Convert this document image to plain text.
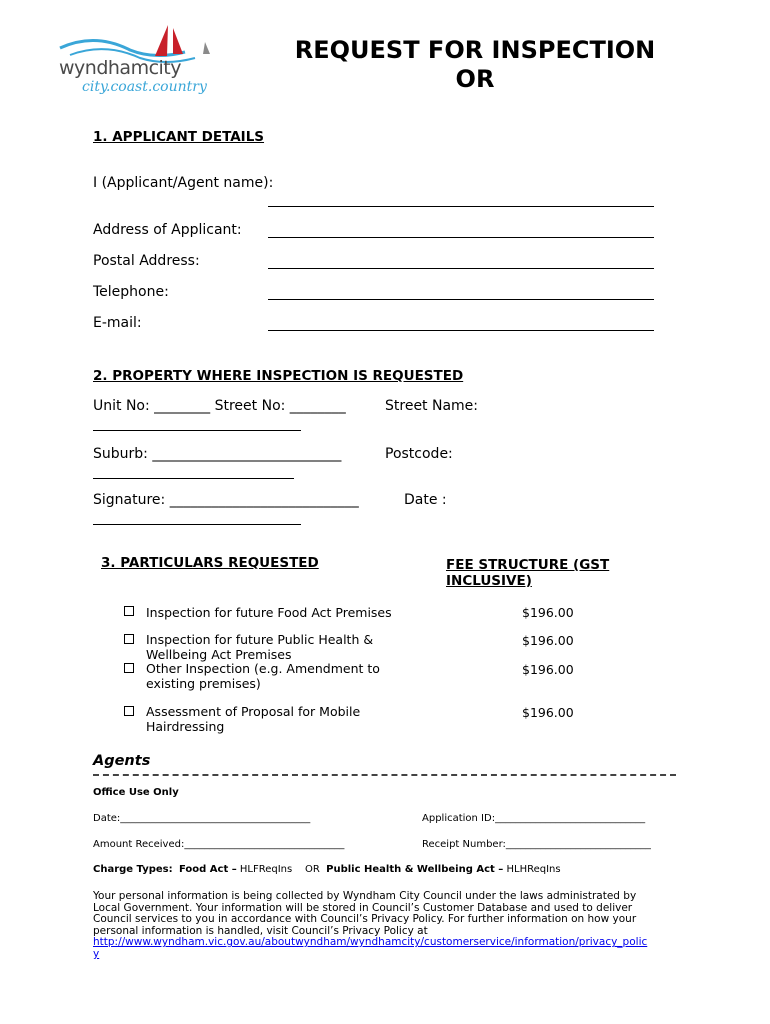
wyndhamcity
city.coast.country
REQUEST FOR INSPECTION
OR
1. APPLICANT DETAILS
I (Applicant/Agent name):
Address of Applicant:
Postal Address:
Telephone:
E-mail:
2. PROPERTY WHERE INSPECTION IS REQUESTED
Unit No: ________ Street No: ________	Street Name:
Suburb: ___________________________	Postcode:
Signature: ___________________________	Date :
3. PARTICULARS REQUESTED	FEE STRUCTURE (GST
INCLUSIVE)
Inspection for future Food Act Premises	$196.00
Inspection for future Public Health &
Wellbeing Act Premises
$196.00
Other Inspection (e.g. Amendment to
existing premises)
$196.00
Assessment of Proposal for Mobile
Hairdressing
$196.00
Agents
Office Use Only
Date:______________________________________	Application ID:______________________________
Amount Received:________________________________	Receipt Number:_____________________________
Charge Types: Food Act – HLFReqIns OR Public Health & Wellbeing Act – HLHReqIns
Your personal information is being collected by Wyndham City Council under the laws administrated by
Local Government. Your information will be stored in Council’s Customer Database and used to deliver
Council services to you in accordance with Council’s Privacy Policy. For further information on how your
personal information is handled, visit Council’s Privacy Policy at
http://www.wyndham.vic.gov.au/aboutwyndham/wyndhamcity/customerservice/information/privacy_polic
y
